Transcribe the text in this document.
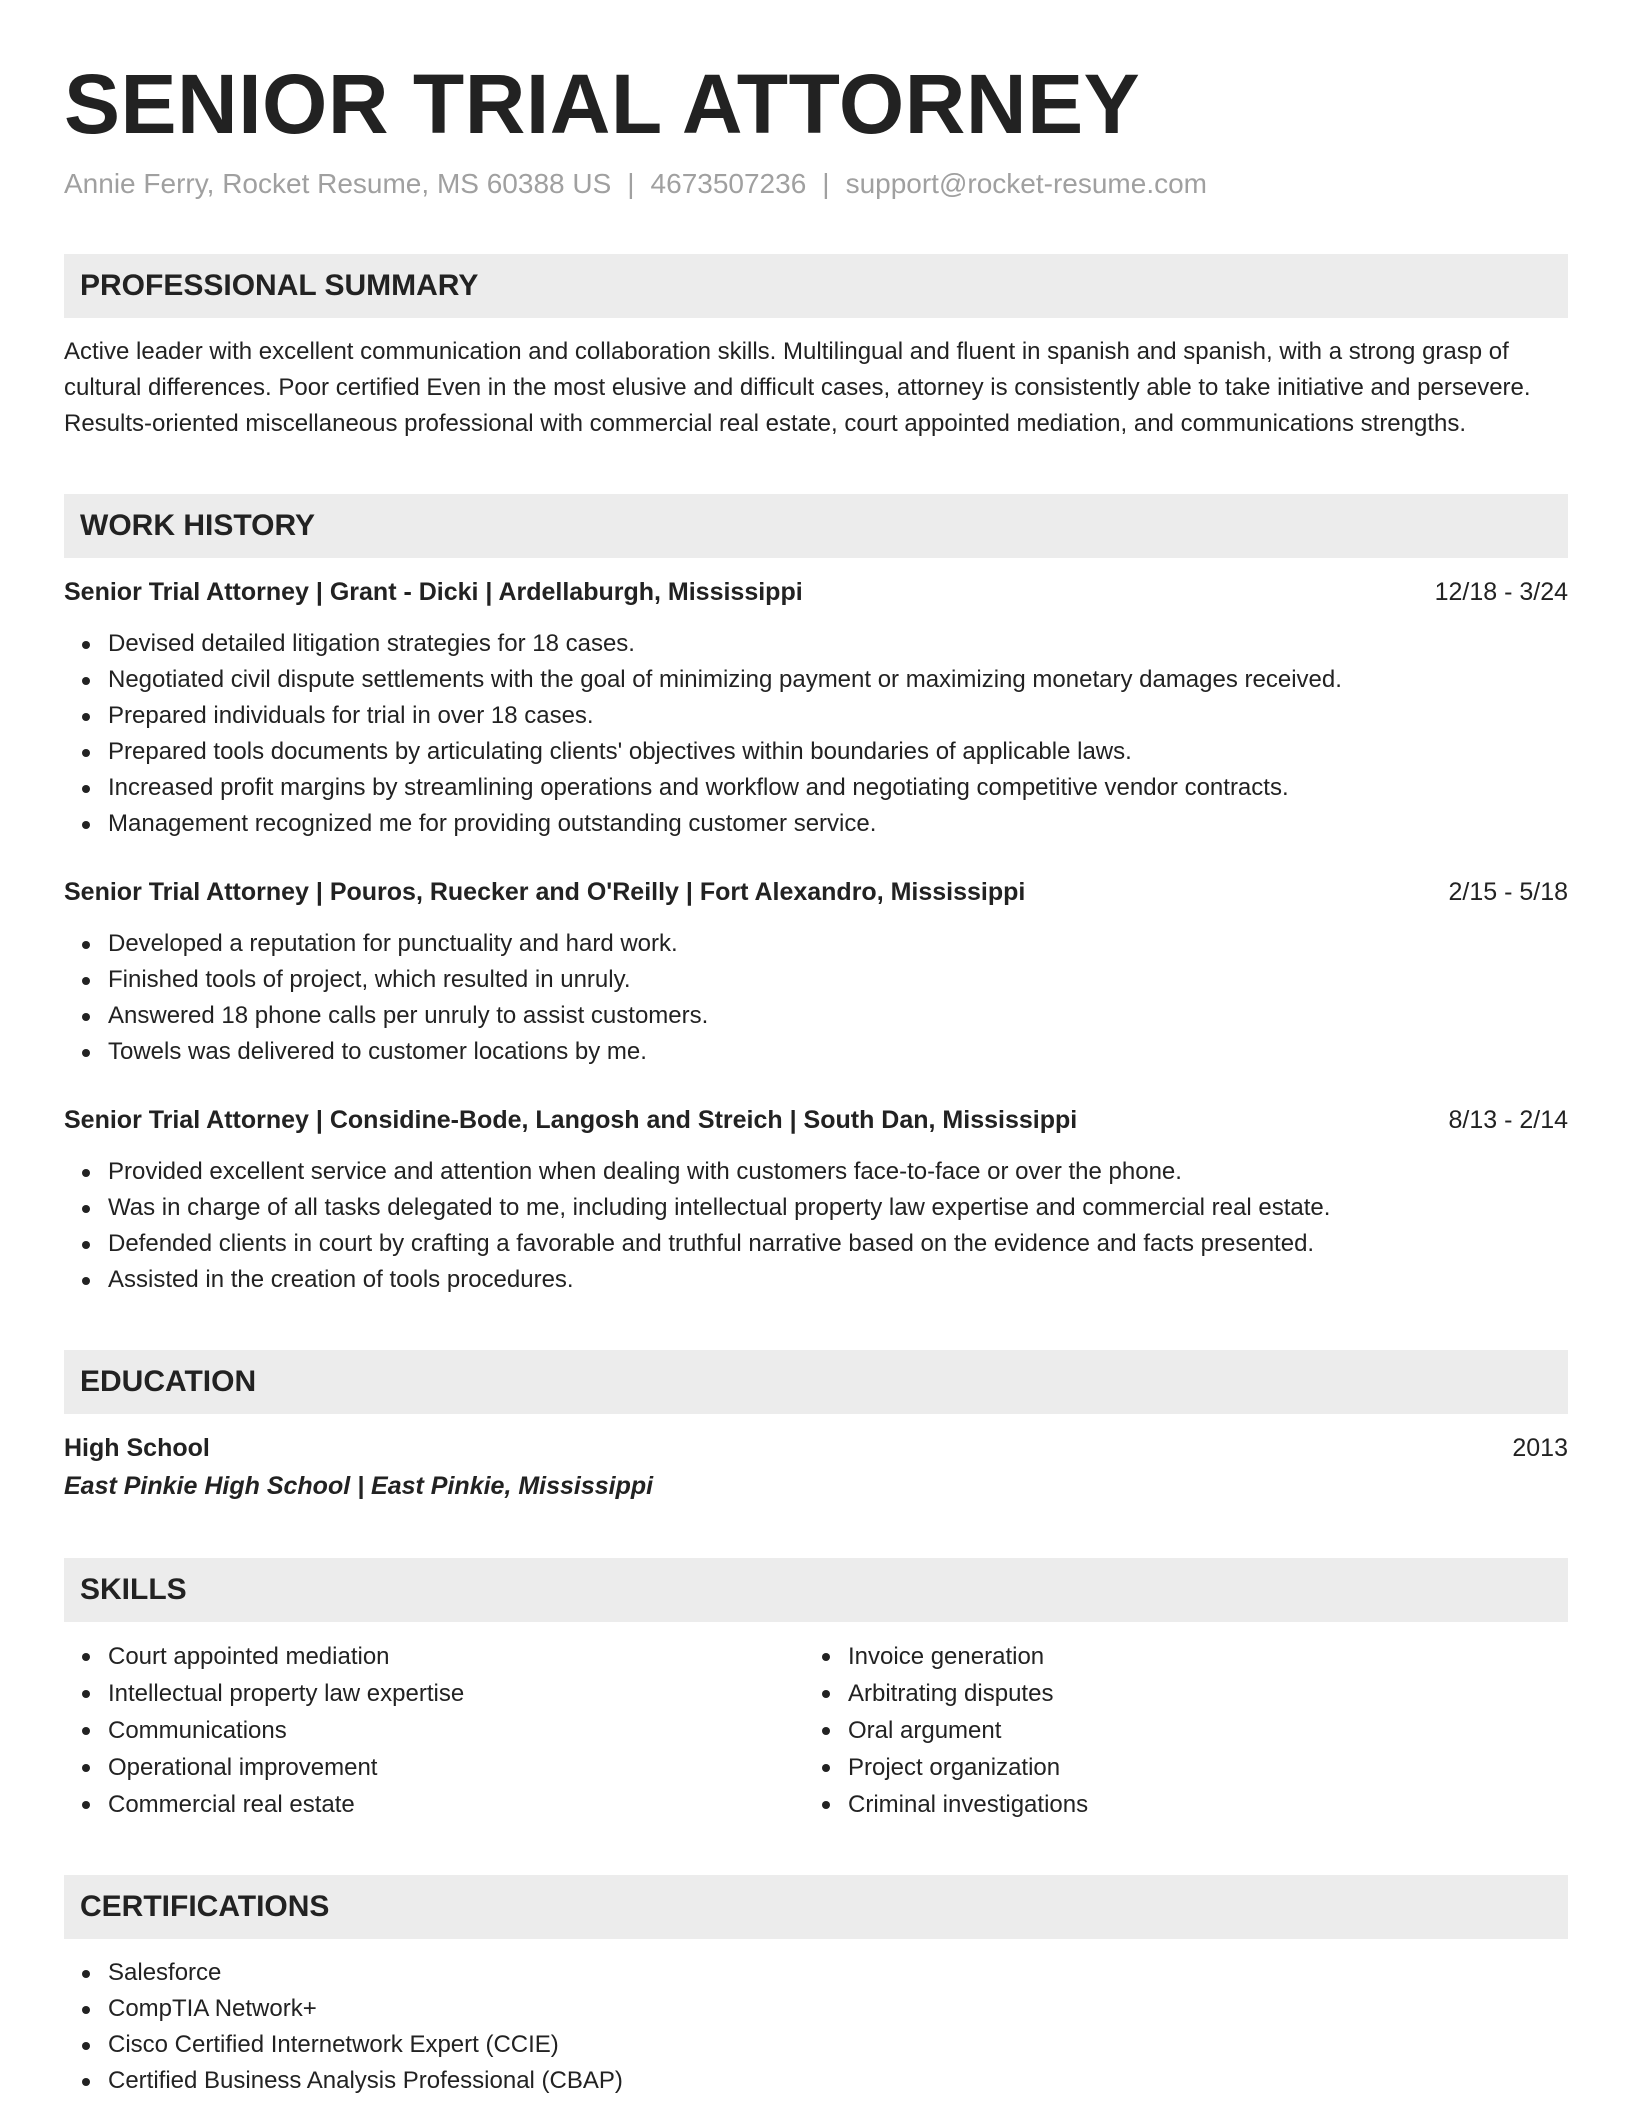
SENIOR TRIAL ATTORNEY
Annie Ferry, Rocket Resume, MS 60388 US | 4673507236 | support@rocket-resume.com
PROFESSIONAL SUMMARY
Active leader with excellent communication and collaboration skills. Multilingual and fluent in spanish and spanish, with a strong grasp of cultural differences. Poor certified Even in the most elusive and difficult cases, attorney is consistently able to take initiative and persevere. Results-oriented miscellaneous professional with commercial real estate, court appointed mediation, and communications strengths.
WORK HISTORY
Senior Trial Attorney | Grant - Dicki | Ardellaburgh, Mississippi	12/18 - 3/24
Devised detailed litigation strategies for 18 cases.
Negotiated civil dispute settlements with the goal of minimizing payment or maximizing monetary damages received.
Prepared individuals for trial in over 18 cases.
Prepared tools documents by articulating clients' objectives within boundaries of applicable laws.
Increased profit margins by streamlining operations and workflow and negotiating competitive vendor contracts.
Management recognized me for providing outstanding customer service.
Senior Trial Attorney | Pouros, Ruecker and O'Reilly | Fort Alexandro, Mississippi	2/15 - 5/18
Developed a reputation for punctuality and hard work.
Finished tools of project, which resulted in unruly.
Answered 18 phone calls per unruly to assist customers.
Towels was delivered to customer locations by me.
Senior Trial Attorney | Considine-Bode, Langosh and Streich | South Dan, Mississippi	8/13 - 2/14
Provided excellent service and attention when dealing with customers face-to-face or over the phone.
Was in charge of all tasks delegated to me, including intellectual property law expertise and commercial real estate.
Defended clients in court by crafting a favorable and truthful narrative based on the evidence and facts presented.
Assisted in the creation of tools procedures.
EDUCATION
High School	2013
East Pinkie High School | East Pinkie, Mississippi
SKILLS
Court appointed mediation
Intellectual property law expertise
Communications
Operational improvement
Commercial real estate
Invoice generation
Arbitrating disputes
Oral argument
Project organization
Criminal investigations
CERTIFICATIONS
Salesforce
CompTIA Network+
Cisco Certified Internetwork Expert (CCIE)
Certified Business Analysis Professional (CBAP)
